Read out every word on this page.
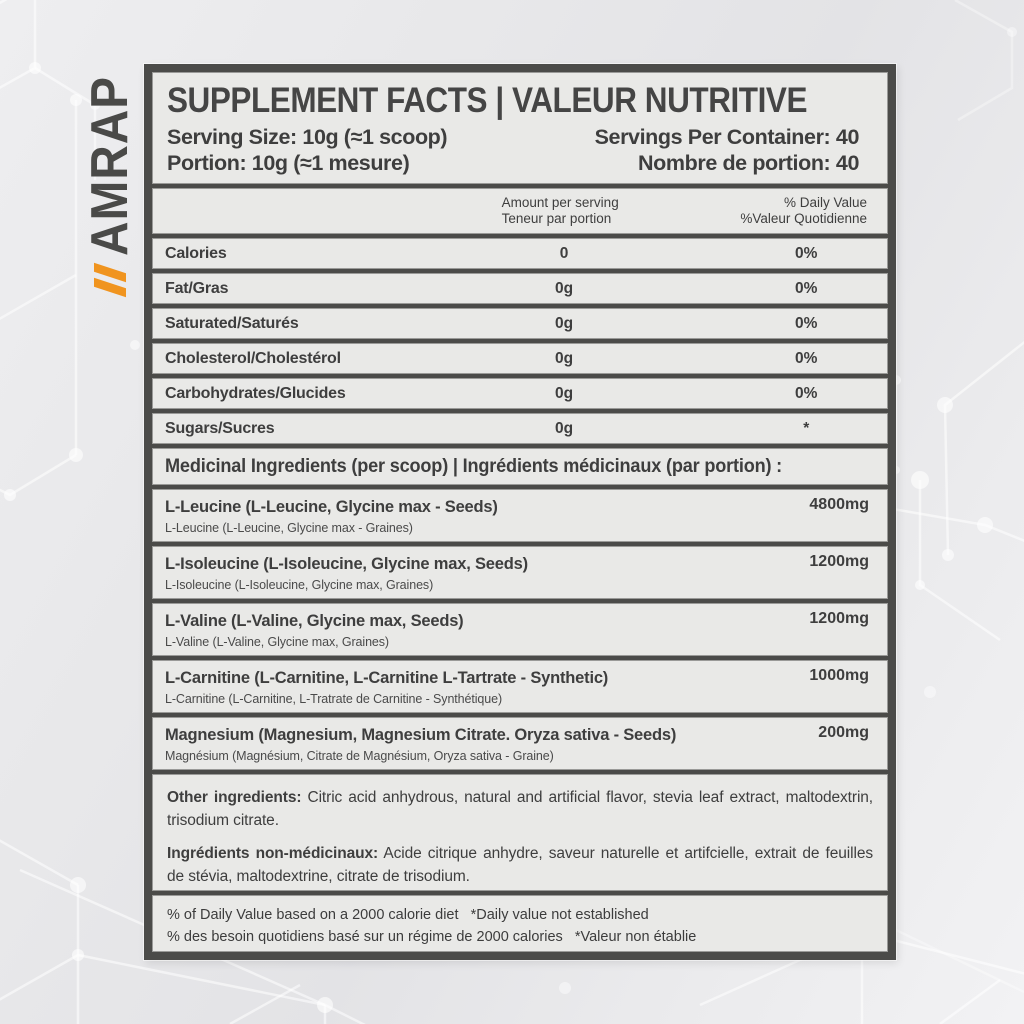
AMRAP SUPPLEMENT FACTS | VALEUR NUTRITIVE
Serving Size: 10g (≈1 scoop)
Portion: 10g (≈1 mesure)
Servings Per Container: 40
Nombre de portion: 40
Amount per serving
Teneur par portion
% Daily Value
%Valeur Quotidienne
Calories	0	0%
Fat/Gras	0g	0%
Saturated/Saturés	0g	0%
Cholesterol/Cholestérol	0g	0%
Carbohydrates/Glucides	0g	0%
Sugars/Sucres	0g	*
Medicinal Ingredients (per scoop) | Ingrédients médicinaux (par portion) :
L-Leucine (L-Leucine, Glycine max - Seeds)
L-Leucine (L-Leucine, Glycine max - Graines)
4800mg
L-Isoleucine (L-Isoleucine, Glycine max, Seeds)
L-Isoleucine (L-Isoleucine, Glycine max, Graines)
1200mg
L-Valine (L-Valine, Glycine max, Seeds)
L-Valine (L-Valine, Glycine max, Graines)
1200mg
L-Carnitine (L-Carnitine, L-Carnitine L-Tartrate - Synthetic)
L-Carnitine (L-Carnitine, L-Tratrate de Carnitine - Synthétique)
1000mg
Magnesium (Magnesium, Magnesium Citrate. Oryza sativa - Seeds)
Magnésium (Magnésium, Citrate de Magnésium, Oryza sativa - Graine)
200mg

Other ingredients: Citric acid anhydrous, natural and artificial flavor, stevia leaf extract, maltodextrin, trisodium citrate.

Ingrédients non-médicinaux: Acide citrique anhydre, saveur naturelle et artifcielle, extrait de feuilles de stévia, maltodextrine, citrate de trisodium.

% of Daily Value based on a 2000 calorie diet   *Daily value not established
% des besoin quotidiens basé sur un régime de 2000 calories   *Valeur non établie
